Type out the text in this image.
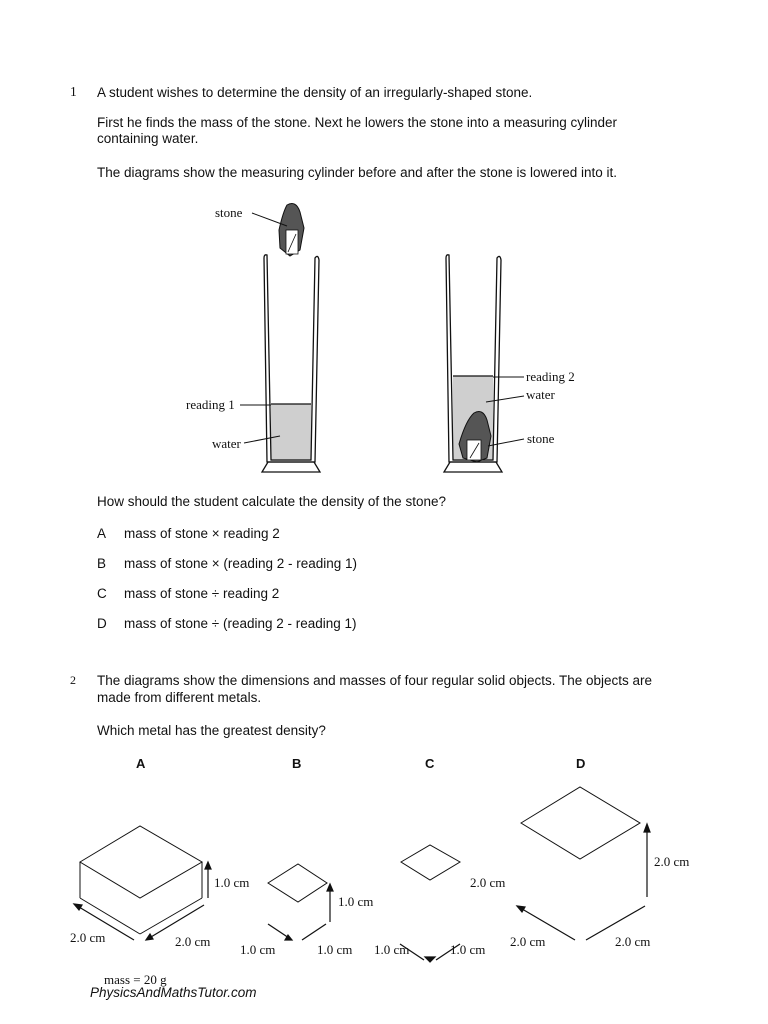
1 A student wishes to determine the density of an irregularly-shaped stone.
First he finds the mass of the stone. Next he lowers the stone into a measuring cylinder
containing water.
The diagrams show the measuring cylinder before and after the stone is lowered into it.
stone
reading 1
water
reading 2
water
stone
1.0 cm
2.0 cm	2.0 cm
mass = 20 g
1.0 cm
1.0 cm	1.0 cm
2.0 cm
1.0 cm	1.0 cm
2.0 cm
2.0 cm	2.0 cm
How should the student calculate the density of the stone?
A mass of stone × reading 2
B mass of stone × (reading 2 - reading 1)
C mass of stone ÷ reading 2
D mass of stone ÷ (reading 2 - reading 1)
2 The diagrams show the dimensions and masses of four regular solid objects. The objects are
made from different metals.
Which metal has the greatest density?
A	B	C	D
PhysicsAndMathsTutor.com
